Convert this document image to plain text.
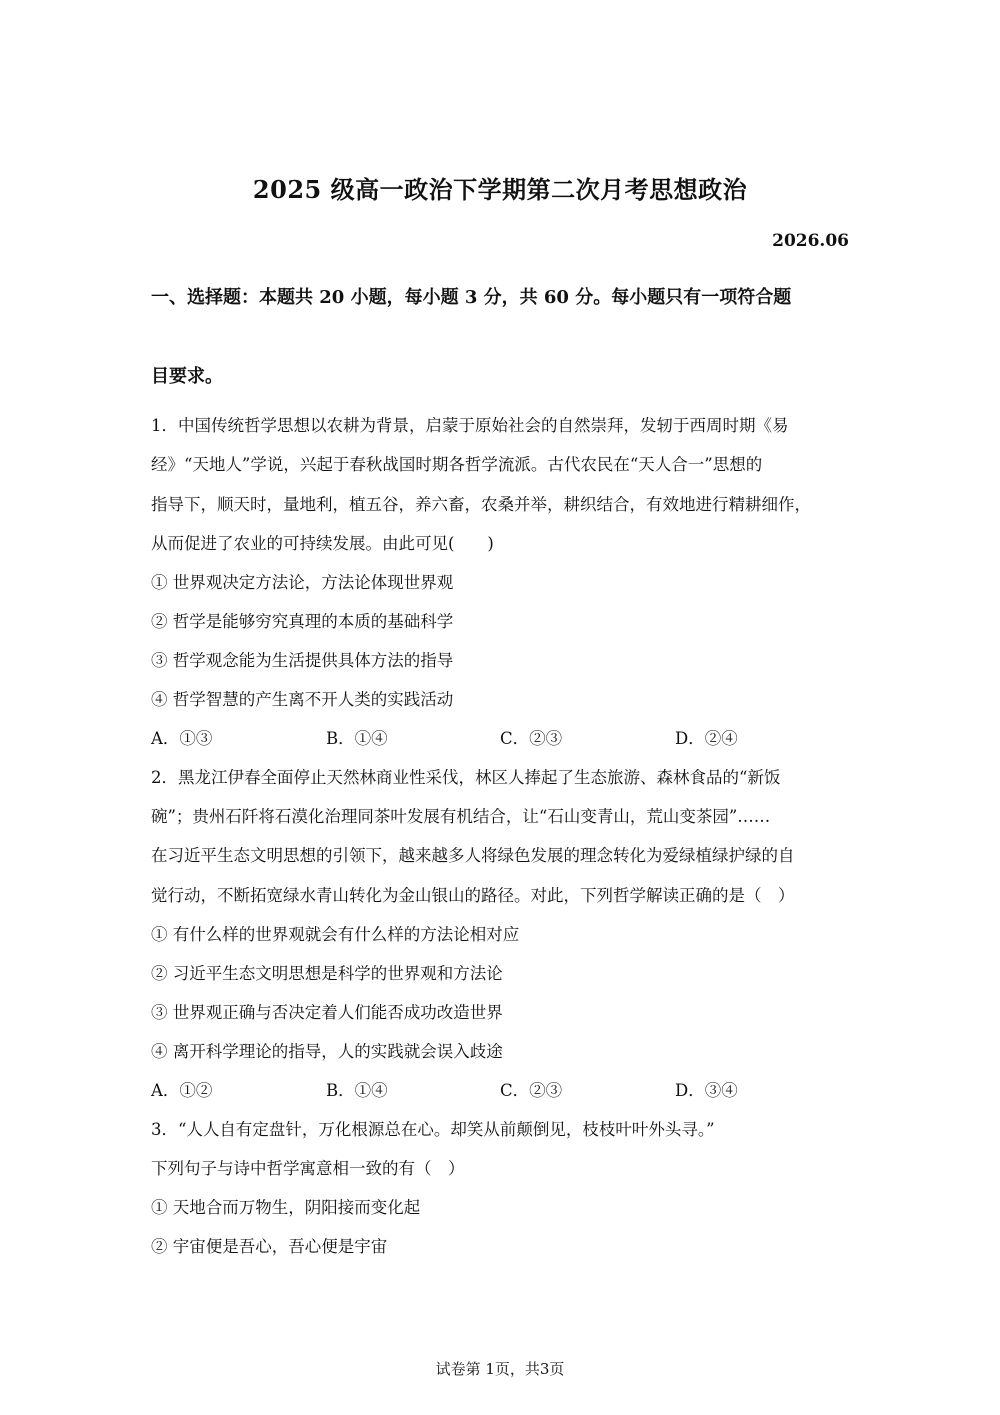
2025 级高一政治下学期第二次月考思想政治
2026.06
一、选择题：本题共 20 小题，每小题 3 分，共 60 分。每小题只有一项符合题
目要求。
1．中国传统哲学思想以农耕为背景，启蒙于原始社会的自然崇拜，发轫于西周时期《易
经》“天地人”学说，兴起于春秋战国时期各哲学流派。古代农民在“天人合一”思想的
指导下，顺天时，量地利，植五谷，养六畜，农桑并举，耕织结合，有效地进行精耕细作，
从而促进了农业的可持续发展。由此可见(　　)
① 世界观决定方法论，方法论体现世界观
② 哲学是能够穷究真理的本质的基础科学
③ 哲学观念能为生活提供具体方法的指导
④ 哲学智慧的产生离不开人类的实践活动
A．①③	B．①④	C．②③	D．②④
2．黑龙江伊春全面停止天然林商业性采伐，林区人捧起了生态旅游、森林食品的“新饭
碗”；贵州石阡将石漠化治理同茶叶发展有机结合，让“石山变青山，荒山变茶园”……
在习近平生态文明思想的引领下，越来越多人将绿色发展的理念转化为爱绿植绿护绿的自
觉行动，不断拓宽绿水青山转化为金山银山的路径。对此，下列哲学解读正确的是（　）
① 有什么样的世界观就会有什么样的方法论相对应
② 习近平生态文明思想是科学的世界观和方法论
③ 世界观正确与否决定着人们能否成功改造世界
④ 离开科学理论的指导，人的实践就会误入歧途
A．①②	B．①④	C．②③	D．③④
3．“人人自有定盘针，万化根源总在心。却笑从前颠倒见，枝枝叶叶外头寻。”
下列句子与诗中哲学寓意相一致的有（　）
① 天地合而万物生，阴阳接而变化起
② 宇宙便是吾心，吾心便是宇宙
试卷第 1页，共3页
